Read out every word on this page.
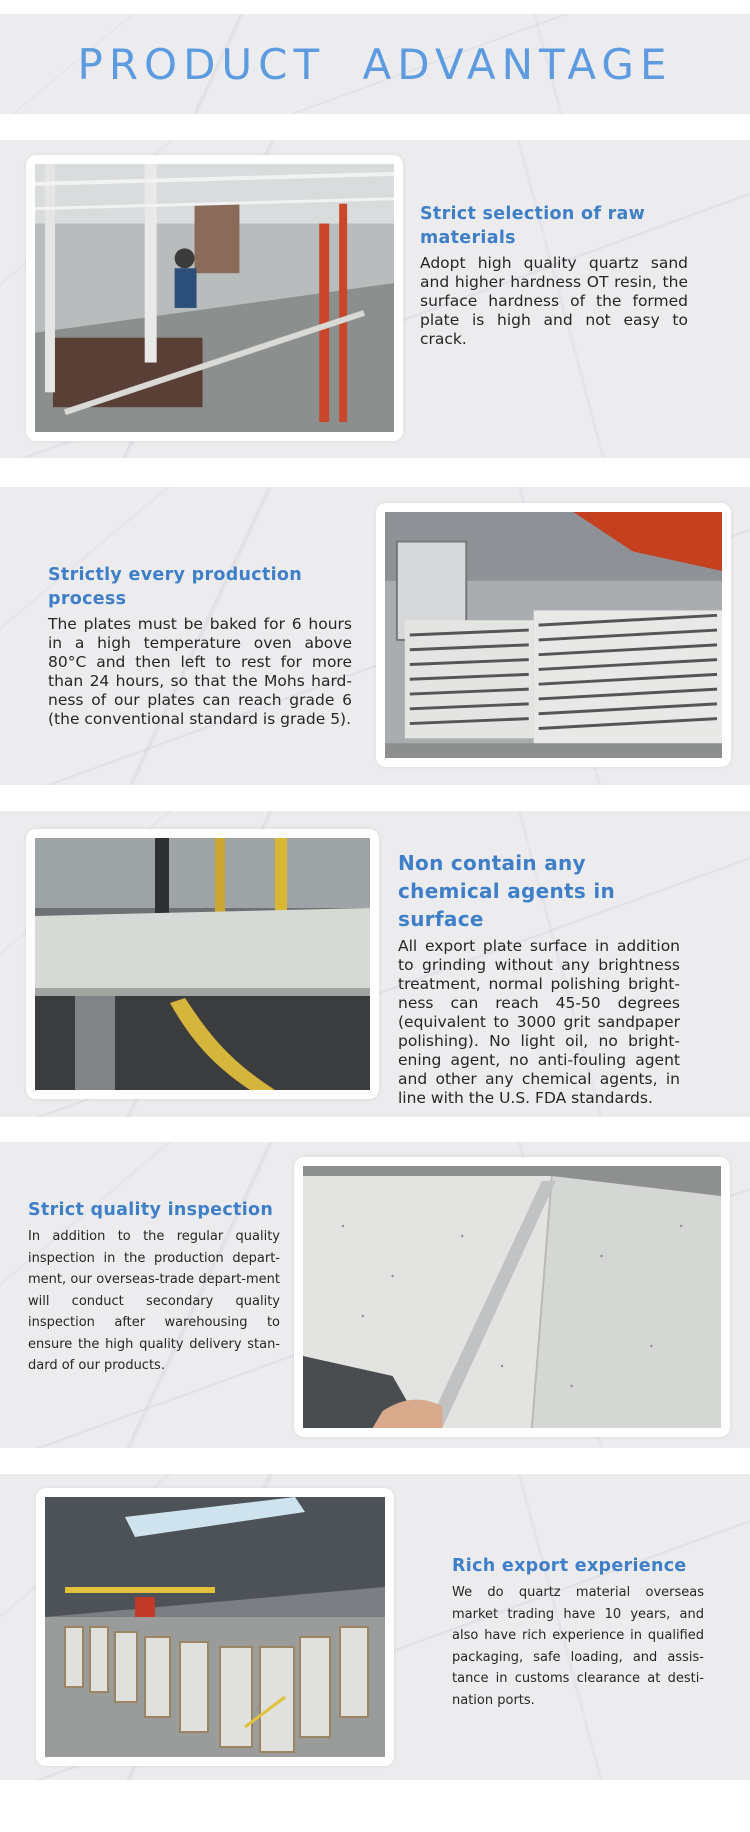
PRODUCT ADVANTAGE
Strict selection of raw materials

Adopt high quality quartz sand and higher hardness OT resin, the surface hardness of the formed plate is high and not easy to crack.

Strictly every production process

The plates must be baked for 6 hours in a high temperature oven above 80°C and then left to rest for more than 24 hours, so that the Mohs hard-ness of our plates can reach grade 6 (the conventional standard is grade 5).

Non contain any chemical agents in surface

All export plate surface in addition to grinding without any brightness treatment, normal polishing bright-ness can reach 45-50 degrees (equivalent to 3000 grit sandpaper polishing). No light oil, no bright-ening agent, no anti-fouling agent and other any chemical agents, in line with the U.S. FDA standards.

Strict quality inspection

In addition to the regular quality inspection in the production depart-ment, our overseas-trade depart-ment will conduct secondary quality inspection after warehousing to ensure the high quality delivery stan-dard of our products.

Rich export experience

We do quartz material overseas market trading have 10 years, and also have rich experience in qualified packaging, safe loading, and assis-tance in customs clearance at desti-nation ports.
